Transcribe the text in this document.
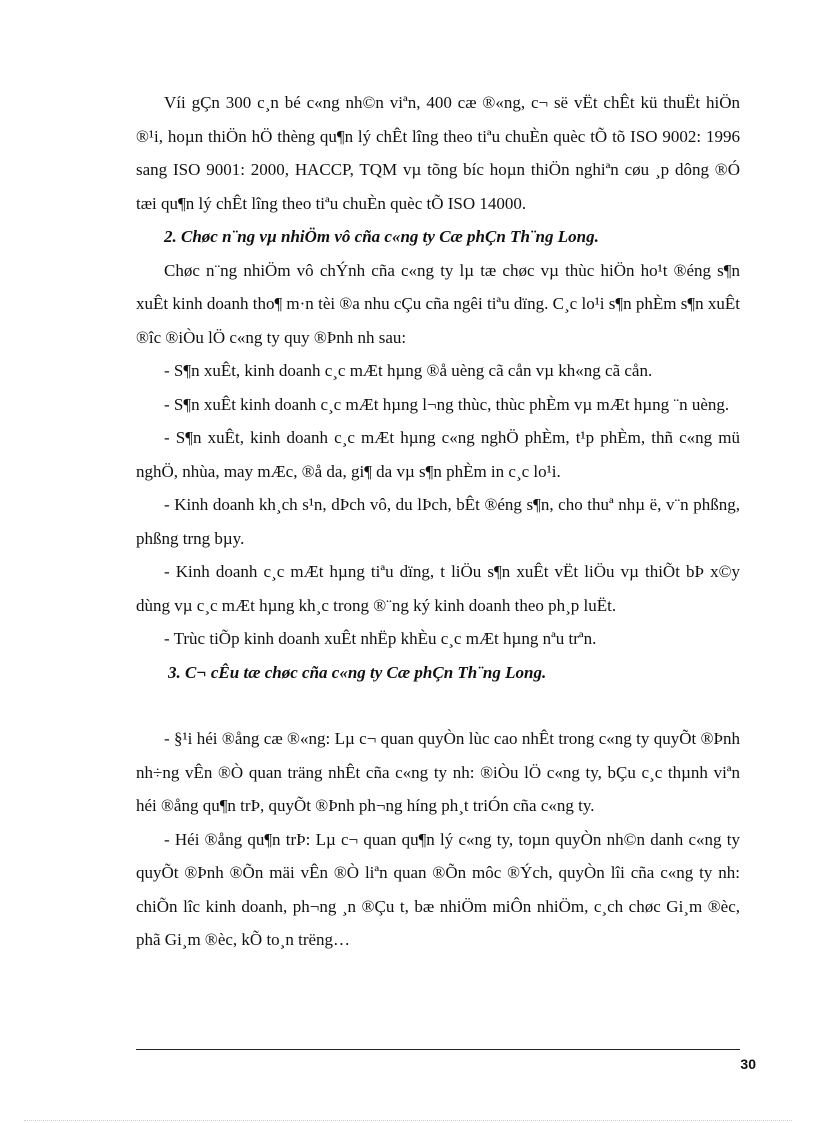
Víi gÇn 300 c¸n bé c«ng nh©n viªn, 400 cæ ®«ng, c¬ së vËt chÊt kü thuËt hiÖn ®¹i, hoµn thiÖn hÖ thèng qu¶n lý chÊt lîng theo tiªu chuÈn quèc tÕ tõ ISO 9002: 1996 sang ISO 9001: 2000, HACCP, TQM vµ tõng bíc hoµn thiÖn nghiªn cøu ¸p dông ®Ó tæi qu¶n lý chÊt lîng theo tiªu chuÈn quèc tÕ ISO 14000.

2. Chøc n¨ng vµ nhiÖm vô cña c«ng ty Cæ phÇn Th¨ng Long.

Chøc n¨ng nhiÖm vô chÝnh cña c«ng ty lµ tæ chøc vµ thùc hiÖn ho¹t ®éng s¶n xuÊt kinh doanh tho¶ m·n tèi ®a nhu cÇu cña ngêi tiªu dïng. C¸c lo¹i s¶n phÈm s¶n xuÊt ®îc ®iÒu lÖ c«ng ty quy ®Þnh nh sau:

- S¶n xuÊt, kinh doanh c¸c mÆt hµng ®å uèng cã cån vµ kh«ng cã cån.

- S¶n xuÊt kinh doanh c¸c mÆt hµng l¬ng thùc, thùc phÈm vµ mÆt hµng ¨n uèng.

- S¶n xuÊt, kinh doanh c¸c mÆt hµng c«ng nghÖ phÈm, t¹p phÈm, thñ c«ng mü nghÖ, nhùa, may mÆc, ®å da, gi¶ da vµ s¶n phÈm in c¸c lo¹i.

- Kinh doanh kh¸ch s¹n, dÞch vô, du lÞch, bÊt ®éng s¶n, cho thuª nhµ ë, v¨n phßng, phßng trng bµy.

- Kinh doanh c¸c mÆt hµng tiªu dïng, t liÖu s¶n xuÊt vËt liÖu vµ thiÕt bÞ x©y dùng vµ c¸c mÆt hµng kh¸c trong ®¨ng ký kinh doanh theo ph¸p luËt.

- Trùc tiÕp kinh doanh xuÊt nhËp khÈu c¸c mÆt hµng nªu trªn.

3. C¬ cÊu tæ chøc cña c«ng ty Cæ phÇn Th¨ng Long.

- §¹i héi ®ång cæ ®«ng: Lµ c¬ quan quyÒn lùc cao nhÊt trong c«ng ty quyÕt ®Þnh nh÷ng vÊn ®Ò quan träng nhÊt cña c«ng ty nh: ®iÒu lÖ c«ng ty, bÇu c¸c thµnh viªn héi ®ång qu¶n trÞ, quyÕt ®Þnh ph¬ng híng ph¸t triÓn cña c«ng ty.

- Héi ®ång qu¶n trÞ: Lµ c¬ quan qu¶n lý c«ng ty, toµn quyÒn nh©n danh c«ng ty quyÕt ®Þnh ®Õn mäi vÊn ®Ò liªn quan ®Õn môc ®Ých, quyÒn lîi cña c«ng ty nh: chiÕn lîc kinh doanh, ph¬ng ¸n ®Çu t, bæ nhiÖm miÔn nhiÖm, c¸ch chøc Gi¸m ®èc, phã Gi¸m ®èc, kÕ to¸n trëng…

30
